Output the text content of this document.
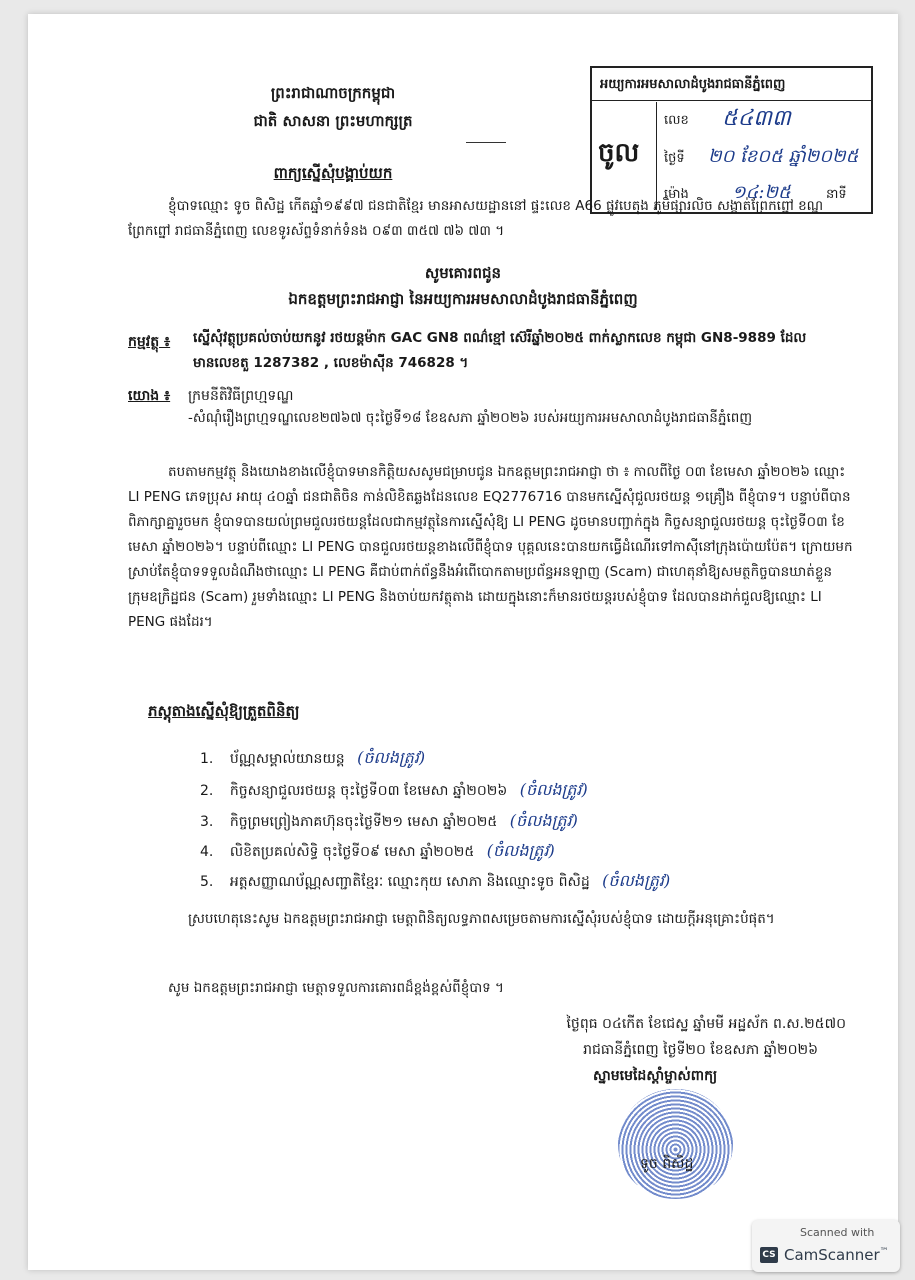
ព្រះរាជាណាចក្រកម្ពុជា
ជាតិ សាសនា ព្រះមហាក្សត្រ
ពាក្យស្នើសុំបង្គាប់យក
អយ្យការអមសាលាដំបូងរាជធានីភ្នំពេញ
ចូល
លេខ ៥៤៣៣
ថ្ងៃទី ២០ ខែ០៥ ឆ្នាំ២០២៥
ម៉ោង ១៤:២៥	នាទី
ខ្ញុំបាទឈ្មោះ ទូច ពិសិដ្ឋ កើតឆ្នាំ១៩៩៧ ជនជាតិខ្មែរ មានអាសយដ្ឋាននៅ ផ្ទះលេខ A66 ផ្លូវបេតុង ភូមិផ្សារលិច សង្កាត់ព្រែកព្នៅ ខណ្ឌព្រែកព្នៅ រាជធានីភ្នំពេញ លេខទូរស័ព្ទទំនាក់ទំនង ០៩៣ ៣៥៧ ៧៦ ៧៣ ។
សូមគោរពជូន
ឯកឧត្តមព្រះរាជអាជ្ញា នៃអយ្យការអមសាលាដំបូងរាជធានីភ្នំពេញ
កម្មវត្ថុ ៖ ស្នើសុំវត្ថុប្រគល់ចាប់យកនូវ រថយន្តម៉ាក GAC GN8 ពណ៌ខ្មៅ ស៊េរីឆ្នាំ២០២៥ ពាក់ស្លាកលេខ កម្ពុជា GN8-9889 ដែលមានលេខតួ 1287382 , លេខម៉ាស៊ីន 746828 ។
យោង ៖ ក្រមនីតិវិធីព្រហ្មទណ្ឌ
-សំណុំរឿងព្រហ្មទណ្ឌលេខ២៧៦៧ ចុះថ្ងៃទី១៨ ខែឧសភា ឆ្នាំ២០២៦ របស់អយ្យការអមសាលាដំបូងរាជធានីភ្នំពេញ
តបតាមកម្មវត្ថុ និងយោងខាងលើខ្ញុំបាទមានកិត្តិយសសូមជម្រាបជូន ឯកឧត្តមព្រះរាជអាជ្ញា ថា ៖ កាលពីថ្ងៃ ០៣ ខែមេសា ឆ្នាំ២០២៦ ឈ្មោះ LI PENG ភេទប្រុស អាយុ ៤០ឆ្នាំ ជនជាតិចិន កាន់លិខិតឆ្លងដែនលេខ EQ2776716 បានមកស្នើសុំជួលរថយន្ត ១គ្រឿង ពីខ្ញុំបាទ។ បន្ទាប់ពីបានពិភាក្សាគ្នារួចមក ខ្ញុំបាទបានយល់ព្រមជួលរថយន្តដែលជាកម្មវត្ថុនៃការស្នើសុំឱ្យ LI PENG ដូចមានបញ្ជាក់ក្នុង កិច្ចសន្យាជួលរថយន្ត ចុះថ្ងៃទី០៣ ខែមេសា ឆ្នាំ២០២៦។ បន្ទាប់ពីឈ្មោះ LI PENG បានជួលរថយន្តខាងលើពីខ្ញុំបាទ បុគ្គលនេះបានយកធ្វើដំណើរទៅកាស៊ីនៅក្រុងប៉ោយប៉ែត។ ក្រោយមកស្រាប់តែខ្ញុំបាទទទួលដំណឹងថាឈ្មោះ LI PENG គឺជាប់ពាក់ព័ន្ធនឹងអំពើបោកតាមប្រព័ន្ធអនឡាញ (Scam) ជាហេតុនាំឱ្យសមត្ថកិច្ចបានឃាត់ខ្លួនក្រុមឧក្រិដ្ឋជន (Scam) រួមទាំងឈ្មោះ LI PENG និងចាប់យកវត្ថុតាង ដោយក្នុងនោះក៏មានរថយន្តរបស់ខ្ញុំបាទ ដែលបានដាក់ជួលឱ្យឈ្មោះ LI PENG ផងដែរ។
ភស្តុតាងស្នើសុំឱ្យត្រួតពិនិត្យ
1. ប័ណ្ណសម្គាល់យានយន្ត (ចំលងត្រូវ)
2. កិច្ចសន្យាជួលរថយន្ត ចុះថ្ងៃទី០៣ ខែមេសា ឆ្នាំ២០២៦ (ចំលងត្រូវ)
3. កិច្ចព្រមព្រៀងភាគហ៊ុនចុះថ្ងៃទី២១ មេសា ឆ្នាំ២០២៥ (ចំលងត្រូវ)
4. លិខិតប្រគល់សិទ្ធិ ចុះថ្ងៃទី០៩ មេសា ឆ្នាំ២០២៥ (ចំលងត្រូវ)
5. អត្តសញ្ញាណប័ណ្ណសញ្ជាតិខ្មែរៈ ឈ្មោះកុយ សោភា និងឈ្មោះទូច ពិសិដ្ឋ (ចំលងត្រូវ)
ស្របហេតុនេះសូម ឯកឧត្តមព្រះរាជអាជ្ញា មេត្តាពិនិត្យលទ្ធភាពសម្រេចតាមការស្នើសុំរបស់ខ្ញុំបាទ ដោយក្តីអនុគ្រោះបំផុត។
សូម ឯកឧត្តមព្រះរាជអាជ្ញា មេត្តាទទួលការគោរពដ៏ខ្ពង់ខ្ពស់ពីខ្ញុំបាទ ។
ថ្ងៃពុធ ០៤កើត ខែជេស្ឋ ឆ្នាំមមី អដ្ឋស័ក ព.ស.២៥៧០
រាជធានីភ្នំពេញ ថ្ងៃទី២០ ខែឧសភា ឆ្នាំ២០២៦
ស្នាមមេដៃស្តាំម្ចាស់ពាក្យ
ទូច ពិសិដ្ឋ
Scanned with
CS CamScanner™
